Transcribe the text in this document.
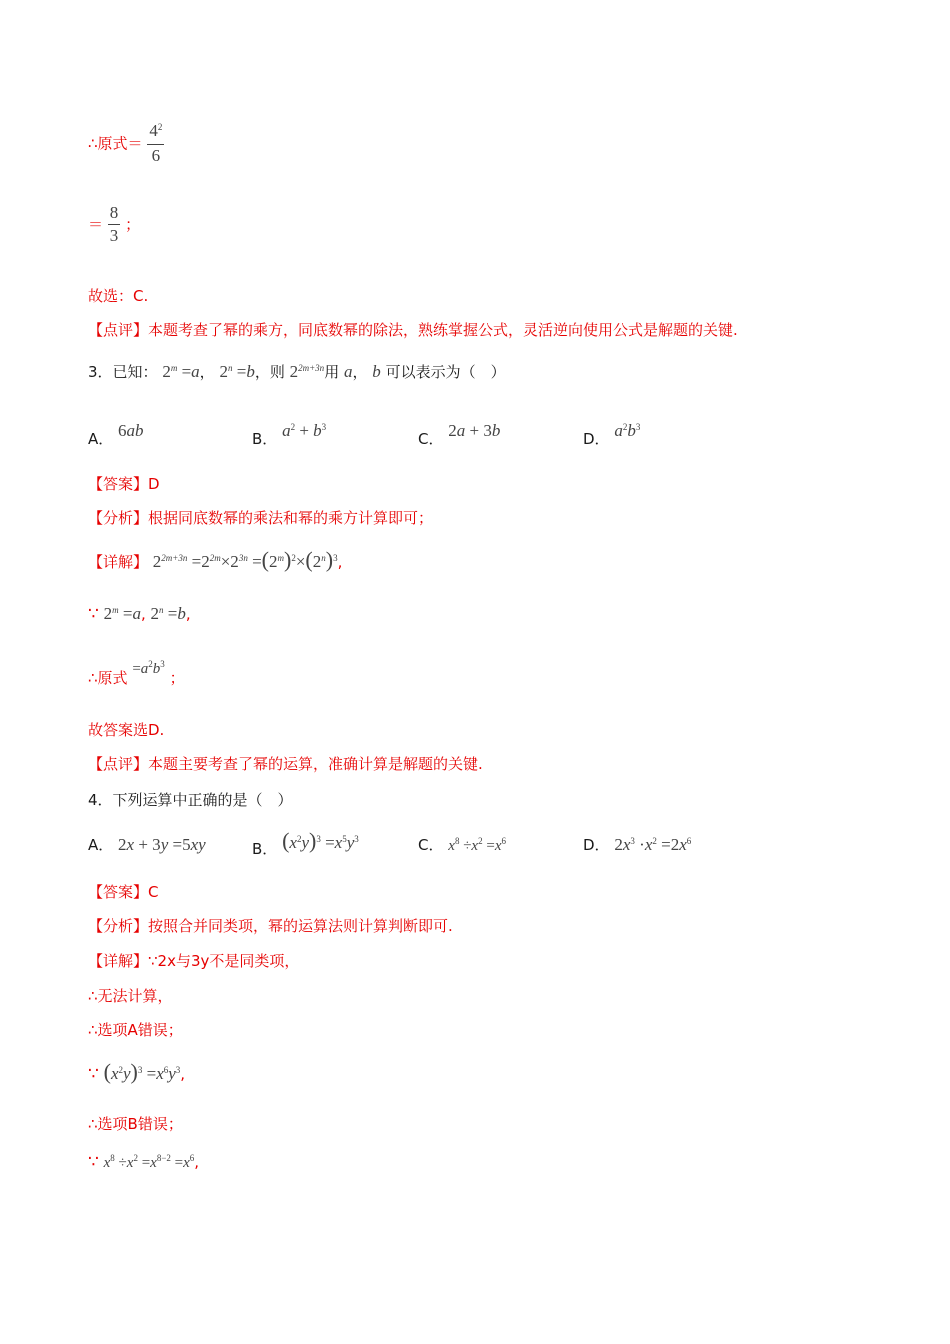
∴原式＝ $\frac{4^2}{6}$
＝ $\frac{8}{3}$ ；
故选：C.
【点评】本题考查了幂的乘方，同底数幂的除法，熟练掌握公式，灵活逆向使用公式是解题的关键.
3．已知： $2^m =a$， $2^n =b$，则 $2^{2m+3n}$用 a， b 可以表示为（　）
A． 6ab	B． $a^2 + b^3$
C． 2a + 3b	D． $a^2b^3$
【答案】D
【分析】根据同底数幂的乘法和幂的乘方计算即可；
【详解】 $2^{2m+3n} =2^{2m}\times 2^{3n} =(2^m)^2\times(2^n)^3$,
∵ $2^m =a$, $2^n =b$,
∴原式 $=a^2b^3$ ；
故答案选D.
【点评】本题主要考查了幂的运算，准确计算是解题的关键.
4．下列运算中正确的是（　）
A． 2x + 3y =5xy	B． $(x^2y)^3 =x^5y^3$	C． $x^8 \div x^2 =x^6$	D． $2x^3 \cdot x^2 =2x^6$
【答案】C
【分析】按照合并同类项，幂的运算法则计算判断即可.
【详解】∵2x与3y不是同类项，
∴无法计算，
∴选项A错误；
∵ $(x^2y)^3 =x^6y^3$,
∴选项B错误；
∵ $x^8 \div x^2 =x^{8-2} =x^6$,
